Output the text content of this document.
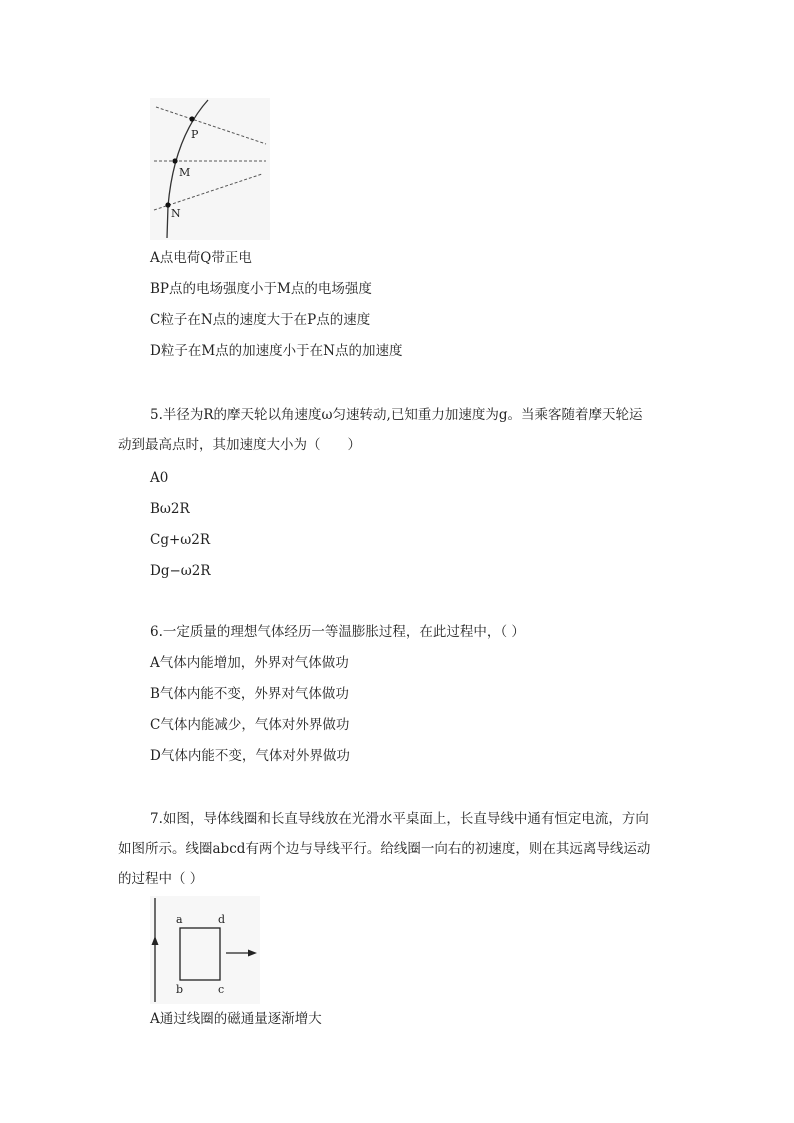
P
M
N
A点电荷Q带正电
BP点的电场强度小于M点的电场强度
C粒子在N点的速度大于在P点的速度
D粒子在M点的加速度小于在N点的加速度
5.半径为R的摩天轮以角速度ω匀速转动,已知重力加速度为g。当乘客随着摩天轮运
动到最高点时，其加速度大小为（　　）
A0
Bω2R
Cg+ω2R
Dg−ω2R
6.一定质量的理想气体经历一等温膨胀过程，在此过程中，（ ）
A气体内能增加，外界对气体做功
B气体内能不变，外界对气体做功
C气体内能减少，气体对外界做功
D气体内能不变，气体对外界做功
7.如图，导体线圈和长直导线放在光滑水平桌面上，长直导线中通有恒定电流，方向
如图所示。线圈abcd有两个边与导线平行。给线圈一向右的初速度，则在其远离导线运动
的过程中（ ）
a	d
b	c
A通过线圈的磁通量逐渐增大
